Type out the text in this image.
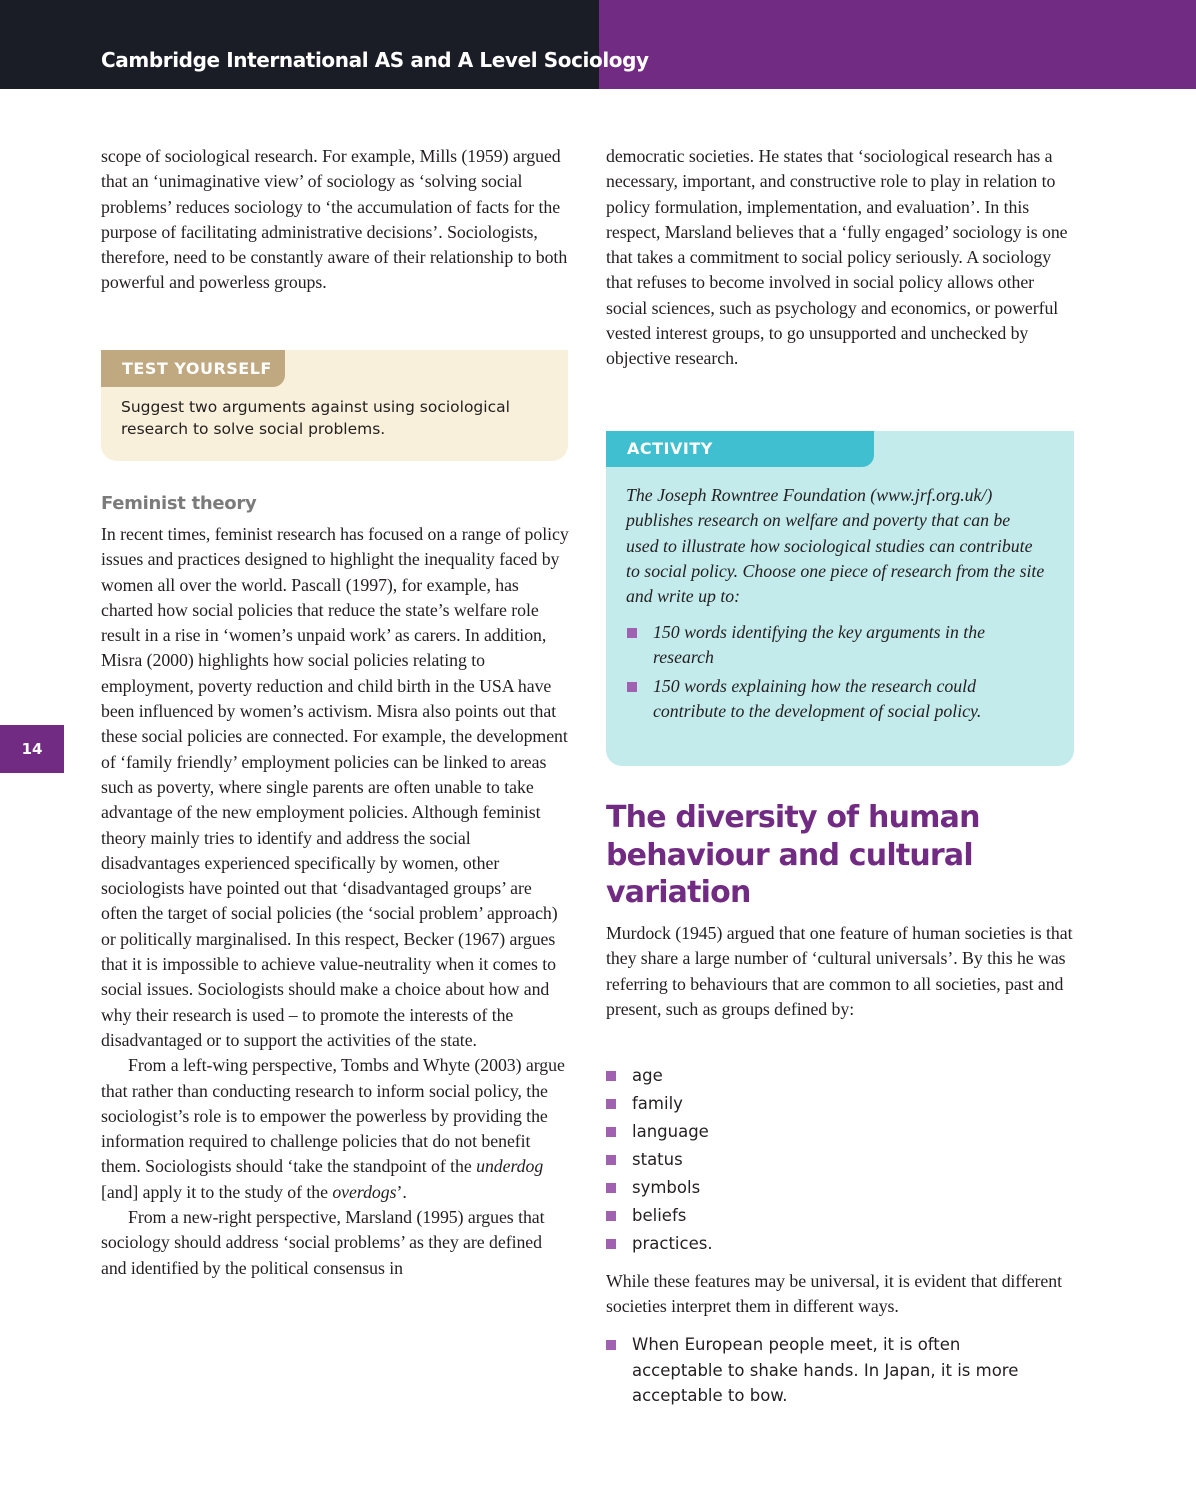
Cambridge International AS and A Level Sociology
14

scope of sociological research. For example, Mills (1959) argued that an ‘unimaginative view’ of sociology as ‘solving social problems’ reduces sociology to ‘the accumulation of facts for the purpose of facilitating administrative decisions’. Sociologists, therefore, need to be constantly aware of their relationship to both powerful and powerless groups.

TEST YOURSELF

Suggest two arguments against using sociological research to solve social problems.

Feminist theory

In recent times, feminist research has focused on a range of policy issues and practices designed to highlight the inequality faced by women all over the world. Pascall (1997), for example, has charted how social policies that reduce the state’s welfare role result in a rise in ‘women’s unpaid work’ as carers. In addition, Misra (2000) highlights how social policies relating to employment, poverty reduction and child birth in the USA have been influenced by women’s activism. Misra also points out that these social policies are connected. For example, the development of ‘family friendly’ employment policies can be linked to areas such as poverty, where single parents are often unable to take advantage of the new employment policies. Although feminist theory mainly tries to identify and address the social disadvantages experienced specifically by women, other sociologists have pointed out that ‘disadvantaged groups’ are often the target of social policies (the ‘social problem’ approach) or politically marginalised. In this respect, Becker (1967) argues that it is impossible to achieve value-neutrality when it comes to social issues. Sociologists should make a choice about how and why their research is used – to promote the interests of the disadvantaged or to support the activities of the state.

From a left-wing perspective, Tombs and Whyte (2003) argue that rather than conducting research to inform social policy, the sociologist’s role is to empower the powerless by providing the information required to challenge policies that do not benefit them. Sociologists should ‘take the standpoint of the underdog [and] apply it to the study of the overdogs’.

From a new-right perspective, Marsland (1995) argues that sociology should address ‘social problems’ as they are defined and identified by the political consensus in

democratic societies. He states that ‘sociological research has a necessary, important, and constructive role to play in relation to policy formulation, implementation, and evaluation’. In this respect, Marsland believes that a ‘fully engaged’ sociology is one that takes a commitment to social policy seriously. A sociology that refuses to become involved in social policy allows other social sciences, such as psychology and economics, or powerful vested interest groups, to go unsupported and unchecked by objective research.

ACTIVITY

The Joseph Rowntree Foundation (www.jrf.org.uk/) publishes research on welfare and poverty that can be used to illustrate how sociological studies can contribute to social policy. Choose one piece of research from the site and write up to:

150 words identifying the key arguments in the research
150 words explaining how the research could contribute to the development of social policy.
The diversity of human behaviour and cultural variation

Murdock (1945) argued that one feature of human societies is that they share a large number of ‘cultural universals’. By this he was referring to behaviours that are common to all societies, past and present, such as groups defined by:

age
family
language
status
symbols
beliefs
practices.

While these features may be universal, it is evident that different societies interpret them in different ways.

When European people meet, it is often acceptable to shake hands. In Japan, it is more acceptable to bow.
